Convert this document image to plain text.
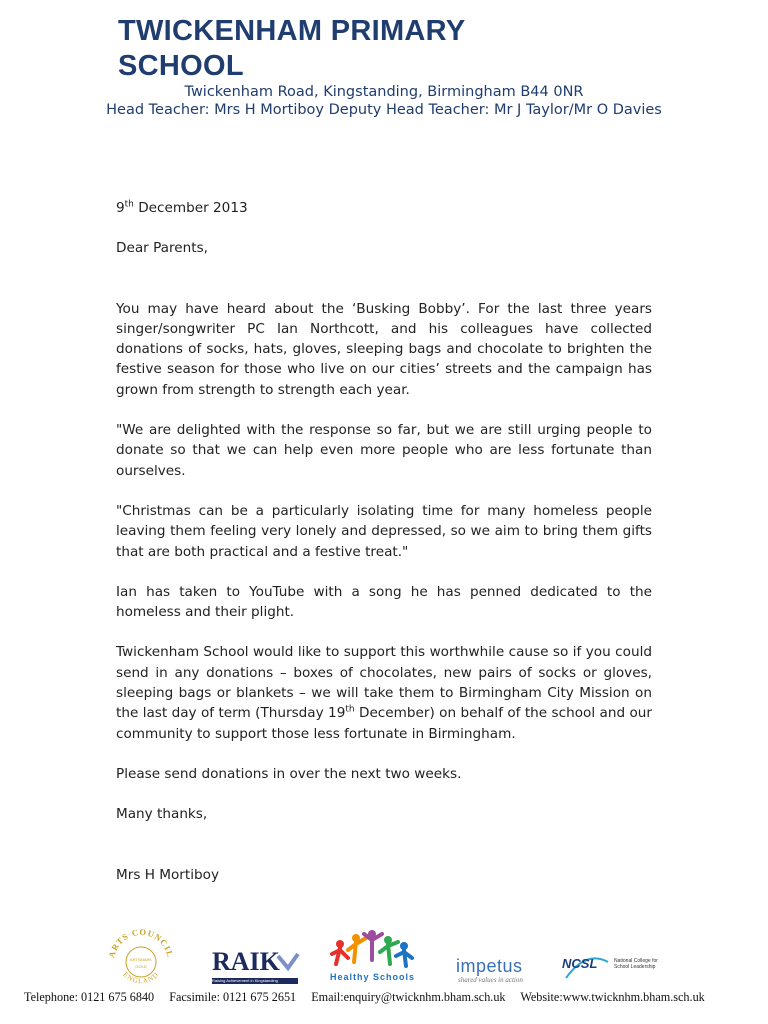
TWICKENHAM PRIMARY SCHOOL
Twickenham Road, Kingstanding, Birmingham B44 0NR
Head Teacher: Mrs H Mortiboy Deputy Head Teacher: Mr J Taylor/Mr O Davies

9th December 2013

Dear Parents,

You may have heard about the ‘Busking Bobby’. For the last three years singer/songwriter PC Ian Northcott, and his colleagues have collected donations of socks, hats, gloves, sleeping bags and chocolate to brighten the festive season for those who live on our cities’ streets and the campaign has grown from strength to strength each year.

"We are delighted with the response so far, but we are still urging people to donate so that we can help even more people who are less fortunate than ourselves.

"Christmas can be a particularly isolating time for many homeless people leaving them feeling very lonely and depressed, so we aim to bring them gifts that are both practical and a festive treat."

Ian has taken to YouTube with a song he has penned dedicated to the homeless and their plight.

Twickenham School would like to support this worthwhile cause so if you could send in any donations – boxes of chocolates, new pairs of socks or gloves, sleeping bags or blankets – we will take them to Birmingham City Mission on the last day of term (Thursday 19th December) on behalf of the school and our community to support those less fortunate in Birmingham.

Please send donations in over the next two weeks.

Many thanks,

Mrs H Mortiboy

ARTS COUNCIL
ENGLAND
ARTSMARK
GOLD	RAIK
Raising Achievement in Kingstanding	Healthy Schools
impetus
shared values in action
NCSL	National College for School Leadership
Telephone: 0121 675 6840 Facsimile: 0121 675 2651 Email:enquiry@twicknhm.bham.sch.uk Website:www.twicknhm.bham.sch.uk
